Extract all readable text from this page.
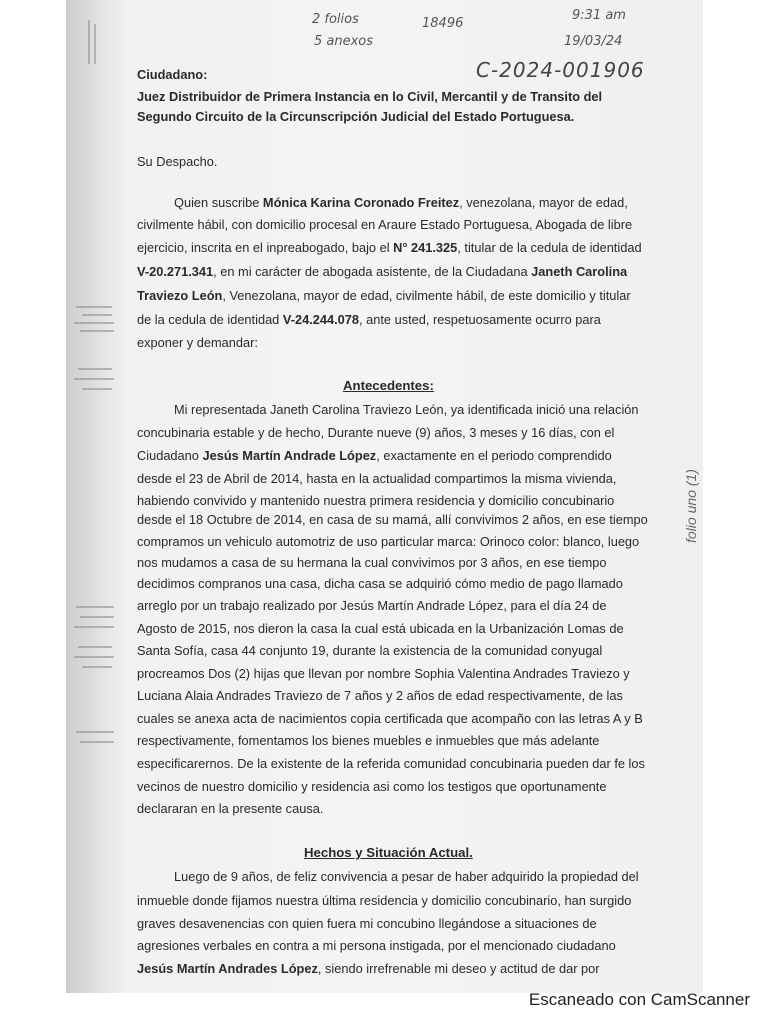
2 folios
5 anexos
18496
9:31 am
19/03/24
C-2024-001906
folio uno (1)
Ciudadano:
Juez Distribuidor de Primera Instancia en lo Civil, Mercantil y de Transito del
Segundo Circuito de la Circunscripción Judicial del Estado Portuguesa.
Su Despacho.
Quien suscribe Mónica Karina Coronado Freitez, venezolana, mayor de edad,
civilmente hábil, con domicilio procesal en Araure Estado Portuguesa, Abogada de libre
ejercicio, inscrita en el inpreabogado, bajo el N° 241.325, titular de la cedula de identidad
V-20.271.341, en mi carácter de abogada asistente, de la Ciudadana Janeth Carolina
Traviezo León, Venezolana, mayor de edad, civilmente hábil, de este domicilio y titular
de la cedula de identidad V-24.244.078, ante usted, respetuosamente ocurro para
exponer y demandar:
Antecedentes:
Mi representada Janeth Carolina Traviezo León, ya identificada inició una relación
concubinaria estable y de hecho, Durante nueve (9) años, 3 meses y 16 días, con el
Ciudadano Jesús Martín Andrade López, exactamente en el periodo comprendido
desde el 23 de Abril de 2014, hasta en la actualidad compartimos la misma vivienda,
habiendo convivido y mantenido nuestra primera residencia y domicilio concubinario
desde el 18 Octubre de 2014, en casa de su mamá, allí convivimos 2 años, en ese tiempo
compramos un vehiculo automotriz de uso particular marca: Orinoco color: blanco, luego
nos mudamos a casa de su hermana la cual convivimos por 3 años, en ese tiempo
decidimos compranos una casa, dicha casa se adquirió cómo medio de pago llamado
arreglo por un trabajo realizado por Jesús Martín Andrade López, para el día 24 de
Agosto de 2015, nos dieron la casa la cual está ubicada en la Urbanización Lomas de
Santa Sofía, casa 44 conjunto 19, durante la existencia de la comunidad conyugal
procreamos Dos (2) hijas que llevan por nombre Sophia Valentina Andrades Traviezo y
Luciana Alaia Andrades Traviezo de 7 años y 2 años de edad respectivamente, de las
cuales se anexa acta de nacimientos copia certificada que acompaño con las letras A y B
respectivamente, fomentamos los bienes muebles e inmuebles que más adelante
especificarernos. De la existente de la referida comunidad concubinaria pueden dar fe los
vecinos de nuestro domicilio y residencia asi como los testigos que oportunamente
declararan en la presente causa.
Hechos y Situación Actual.
Luego de 9 años, de feliz convivencia a pesar de haber adquirido la propiedad del
inmueble donde fijamos nuestra última residencia y domicilio concubinario, han surgido
graves desavenencias con quien fuera mi concubino llegándose a situaciones de
agresiones verbales en contra a mi persona instigada, por el mencionado ciudadano
Jesús Martín Andrades López, siendo irrefrenable mi deseo y actitud de dar por
Escaneado con CamScanner
